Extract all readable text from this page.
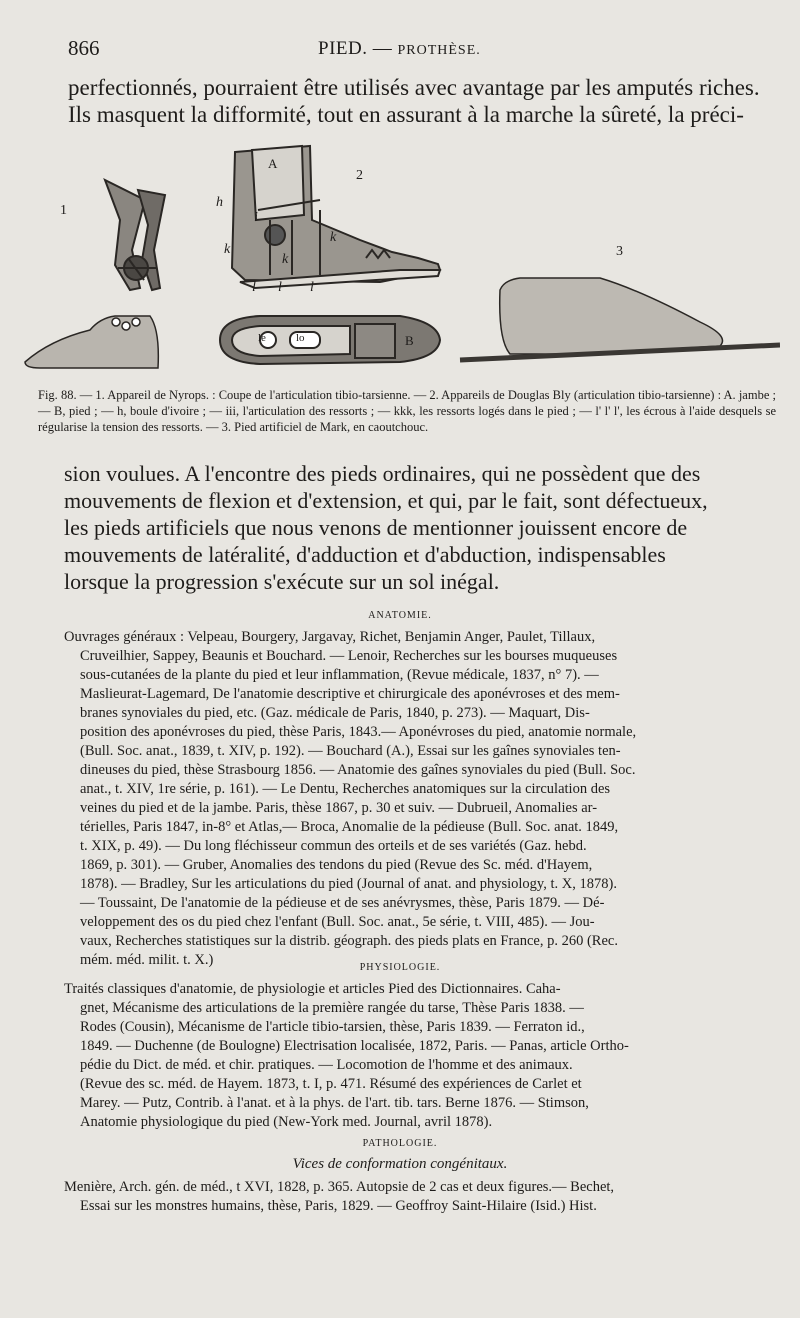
866	PIED. — PROTHÈSE.
perfectionnés, pourraient être utilisés avec avantage par les amputés riches.
Ils masquent la difformité, tout en assurant à la marche la sûreté, la préci-
1
2
3
A
B
h
i
k
k
k
l l l
le	lo

Fig. 88. — 1. Appareil de Nyrops. : Coupe de l'articulation tibio-tarsienne. — 2. Appareils de Douglas Bly (articulation tibio-tarsienne) : A. jambe ; — B, pied ; — h, boule d'ivoire ; — iii, l'articulation des ressorts ; — kkk, les ressorts logés dans le pied ; — l' l' l', les écrous à l'aide desquels se régularise la tension des ressorts. — 3. Pied artificiel de Mark, en caoutchouc.

sion voulues. A l'encontre des pieds ordinaires, qui ne possèdent que des
mouvements de flexion et d'extension, et qui, par le fait, sont défectueux,
les pieds artificiels que nous venons de mentionner jouissent encore de
mouvements de latéralité, d'adduction et d'abduction, indispensables
lorsque la progression s'exécute sur un sol inégal.
ANATOMIE.
Ouvrages généraux : Velpeau, Bourgery, Jargavay, Richet, Benjamin Anger, Paulet, Tillaux,
Cruveilhier, Sappey, Beaunis et Bouchard. — Lenoir, Recherches sur les bourses muqueuses
sous-cutanées de la plante du pied et leur inflammation, (Revue médicale, 1837, n° 7). —
Maslieurat-Lagemard, De l'anatomie descriptive et chirurgicale des aponévroses et des mem-
branes synoviales du pied, etc. (Gaz. médicale de Paris, 1840, p. 273). — Maquart, Dis-
position des aponévroses du pied, thèse Paris, 1843.— Aponévroses du pied, anatomie normale,
(Bull. Soc. anat., 1839, t. XIV, p. 192). — Bouchard (A.), Essai sur les gaînes synoviales ten-
dineuses du pied, thèse Strasbourg 1856. — Anatomie des gaînes synoviales du pied (Bull. Soc.
anat., t. XIV, 1re série, p. 161). — Le Dentu, Recherches anatomiques sur la circulation des
veines du pied et de la jambe. Paris, thèse 1867, p. 30 et suiv. — Dubrueil, Anomalies ar-
térielles, Paris 1847, in-8° et Atlas,— Broca, Anomalie de la pédieuse (Bull. Soc. anat. 1849,
t. XIX, p. 49). — Du long fléchisseur commun des orteils et de ses variétés (Gaz. hebd.
1869, p. 301). — Gruber, Anomalies des tendons du pied (Revue des Sc. méd. d'Hayem,
1878). — Bradley, Sur les articulations du pied (Journal of anat. and physiology, t. X, 1878).
— Toussaint, De l'anatomie de la pédieuse et de ses anévrysmes, thèse, Paris 1879. — Dé-
veloppement des os du pied chez l'enfant (Bull. Soc. anat., 5e série, t. VIII, 485). — Jou-
vaux, Recherches statistiques sur la distrib. géograph. des pieds plats en France, p. 260 (Rec.
mém. méd. milit. t. X.)	PHYSIOLOGIE.
Traités classiques d'anatomie, de physiologie et articles Pied des Dictionnaires. Caha-
gnet, Mécanisme des articulations de la première rangée du tarse, Thèse Paris 1838. —
Rodes (Cousin), Mécanisme de l'article tibio-tarsien, thèse, Paris 1839. — Ferraton id.,
1849. — Duchenne (de Boulogne) Electrisation localisée, 1872, Paris. — Panas, article Ortho-
pédie du Dict. de méd. et chir. pratiques. — Locomotion de l'homme et des animaux.
(Revue des sc. méd. de Hayem. 1873, t. I, p. 471. Résumé des expériences de Carlet et
Marey. — Putz, Contrib. à l'anat. et à la phys. de l'art. tib. tars. Berne 1876. — Stimson,
Anatomie physiologique du pied (New-York med. Journal, avril 1878).
PATHOLOGIE.
Vices de conformation congénitaux.
Menière, Arch. gén. de méd., t XVI, 1828, p. 365. Autopsie de 2 cas et deux figures.— Bechet,
Essai sur les monstres humains, thèse, Paris, 1829. — Geoffroy Saint-Hilaire (Isid.) Hist.
